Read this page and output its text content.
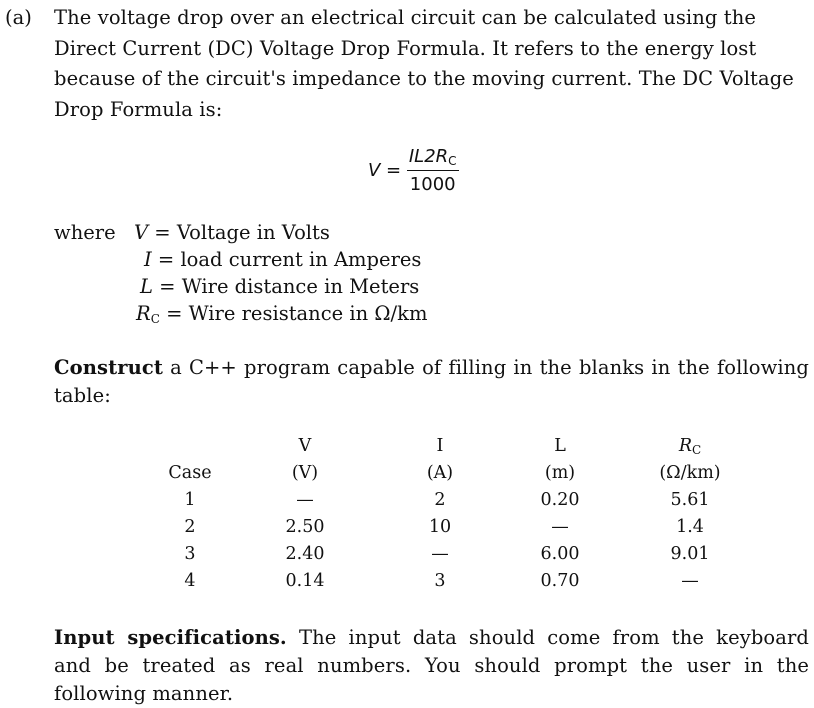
(a) The voltage drop over an electrical circuit can be calculated using the
Direct Current (DC) Voltage Drop Formula. It refers to the energy lost
because of the circuit's impedance to the moving current. The DC Voltage
Drop Formula is:
$V = \frac{IL2R_C}{1000}$
where V = Voltage in Volts
I = load current in Amperes
L = Wire distance in Meters
$R_C$ = Wire resistance in Ω/km
Construct a C++ program capable of filling in the blanks in the following
table:
	V	I	L	$R_C$
Case	(V)	(A)	(m)	(Ω/km)
1	—	2	0.20	5.61
2	2.50	10	—	1.4
3	2.40	—	6.00	9.01
4	0.14	3	0.70	—
Input specifications. The input data should come from the keyboard
and be treated as real numbers. You should prompt the user in the
following manner.
